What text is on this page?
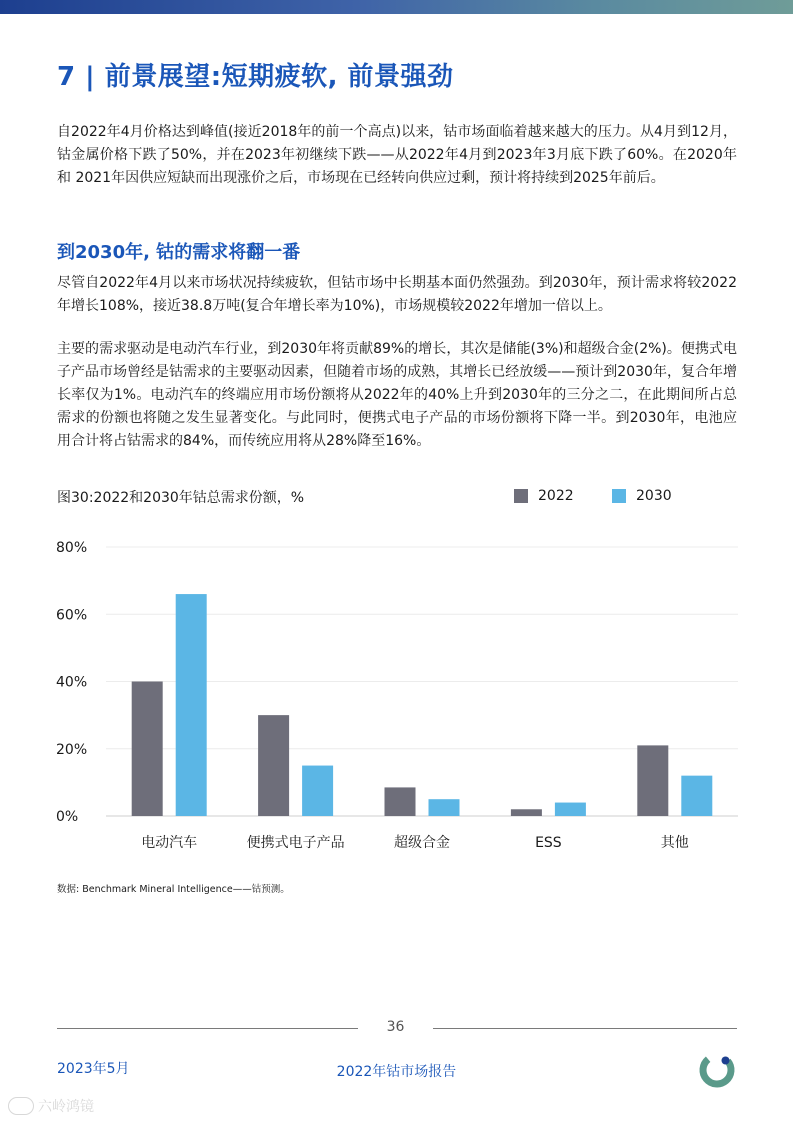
7 | 前景展望:短期疲软, 前景强劲

自2022年4月价格达到峰值(接近2018年的前一个高点)以来，钴市场面临着越来越大的压力。从4月到12月， 钴金属价格下跌了50%，并在2023年初继续下跌——从2022年4月到2023年3月底下跌了60%。在2020年和 2021年因供应短缺而出现涨价之后，市场现在已经转向供应过剩，预计将持续到2025年前后。

到2030年, 钴的需求将翻一番

尽管自2022年4月以来市场状况持续疲软，但钴市场中长期基本面仍然强劲。到2030年，预计需求将较2022年增长108%，接近38.8万吨(复合年增长率为10%)，市场规模较2022年增加一倍以上。

主要的需求驱动是电动汽车行业，到2030年将贡献89%的增长，其次是储能(3%)和超级合金(2%)。便携式电子产品市场曾经是钴需求的主要驱动因素，但随着市场的成熟，其增长已经放缓——预计到2030年，复合年增长率仅为1%。电动汽车的终端应用市场份额将从2022年的40%上升到2030年的三分之二，在此期间所占总需求的份额也将随之发生显著变化。与此同时，便携式电子产品的市场份额将下降一半。到2030年，电池应 用合计将占钴需求的84%，而传统应用将从28%降至16%。

图30:2022和2030年钴总需求份额，%	2022	2030
0%
20%
40%
60%
80%
电动汽车	便携式电子产品	超级合金	ESS	其他
数据: Benchmark Mineral Intelligence——钴预测。
36
2023年5月	2022年钴市场报告
六岭鸿镜
